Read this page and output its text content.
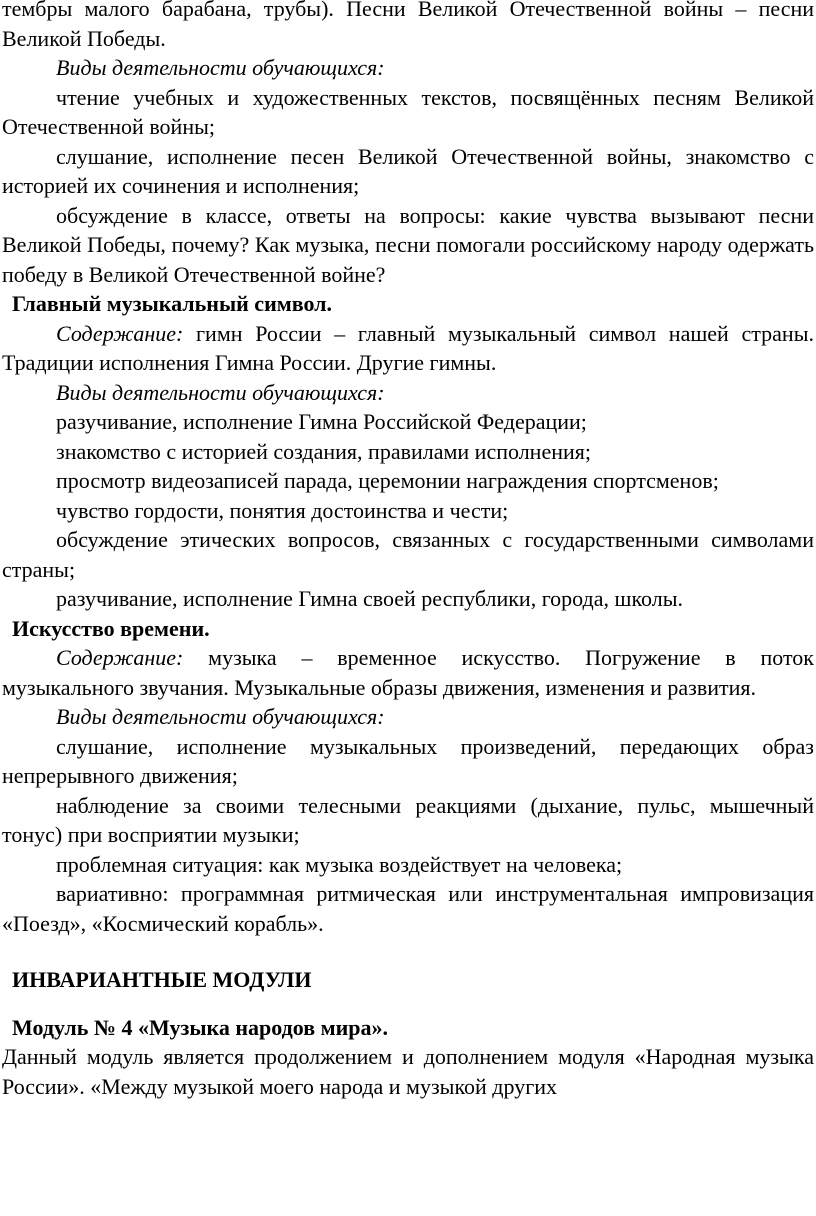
тембры малого барабана, трубы). Песни Великой Отечественной войны – песни Великой Победы.

Виды деятельности обучающихся:

чтение учебных и художественных текстов, посвящённых песням Великой Отечественной войны;

слушание, исполнение песен Великой Отечественной войны, знакомство с историей их сочинения и исполнения;

обсуждение в классе, ответы на вопросы: какие чувства вызывают песни Великой Победы, почему? Как музыка, песни помогали российскому народу одержать победу в Великой Отечественной войне?

Главный музыкальный символ.

Содержание: гимн России – главный музыкальный символ нашей страны. Традиции исполнения Гимна России. Другие гимны.

Виды деятельности обучающихся:

разучивание, исполнение Гимна Российской Федерации;

знакомство с историей создания, правилами исполнения;

просмотр видеозаписей парада, церемонии награждения спортсменов;

чувство гордости, понятия достоинства и чести;

обсуждение этических вопросов, связанных с государственными символами страны;

разучивание, исполнение Гимна своей республики, города, школы.

Искусство времени.

Содержание: музыка – временное искусство. Погружение в поток музыкального звучания. Музыкальные образы движения, изменения и развития.

Виды деятельности обучающихся:

слушание, исполнение музыкальных произведений, передающих образ непрерывного движения;

наблюдение за своими телесными реакциями (дыхание, пульс, мышечный тонус) при восприятии музыки;

проблемная ситуация: как музыка воздействует на человека;

вариативно: программная ритмическая или инструментальная импровизация «Поезд», «Космический корабль».

ИНВАРИАНТНЫЕ МОДУЛИ

Модуль № 4 «Музыка народов мира».

Данный модуль является продолжением и дополнением модуля «Народная музыка России». «Между музыкой моего народа и музыкой других
